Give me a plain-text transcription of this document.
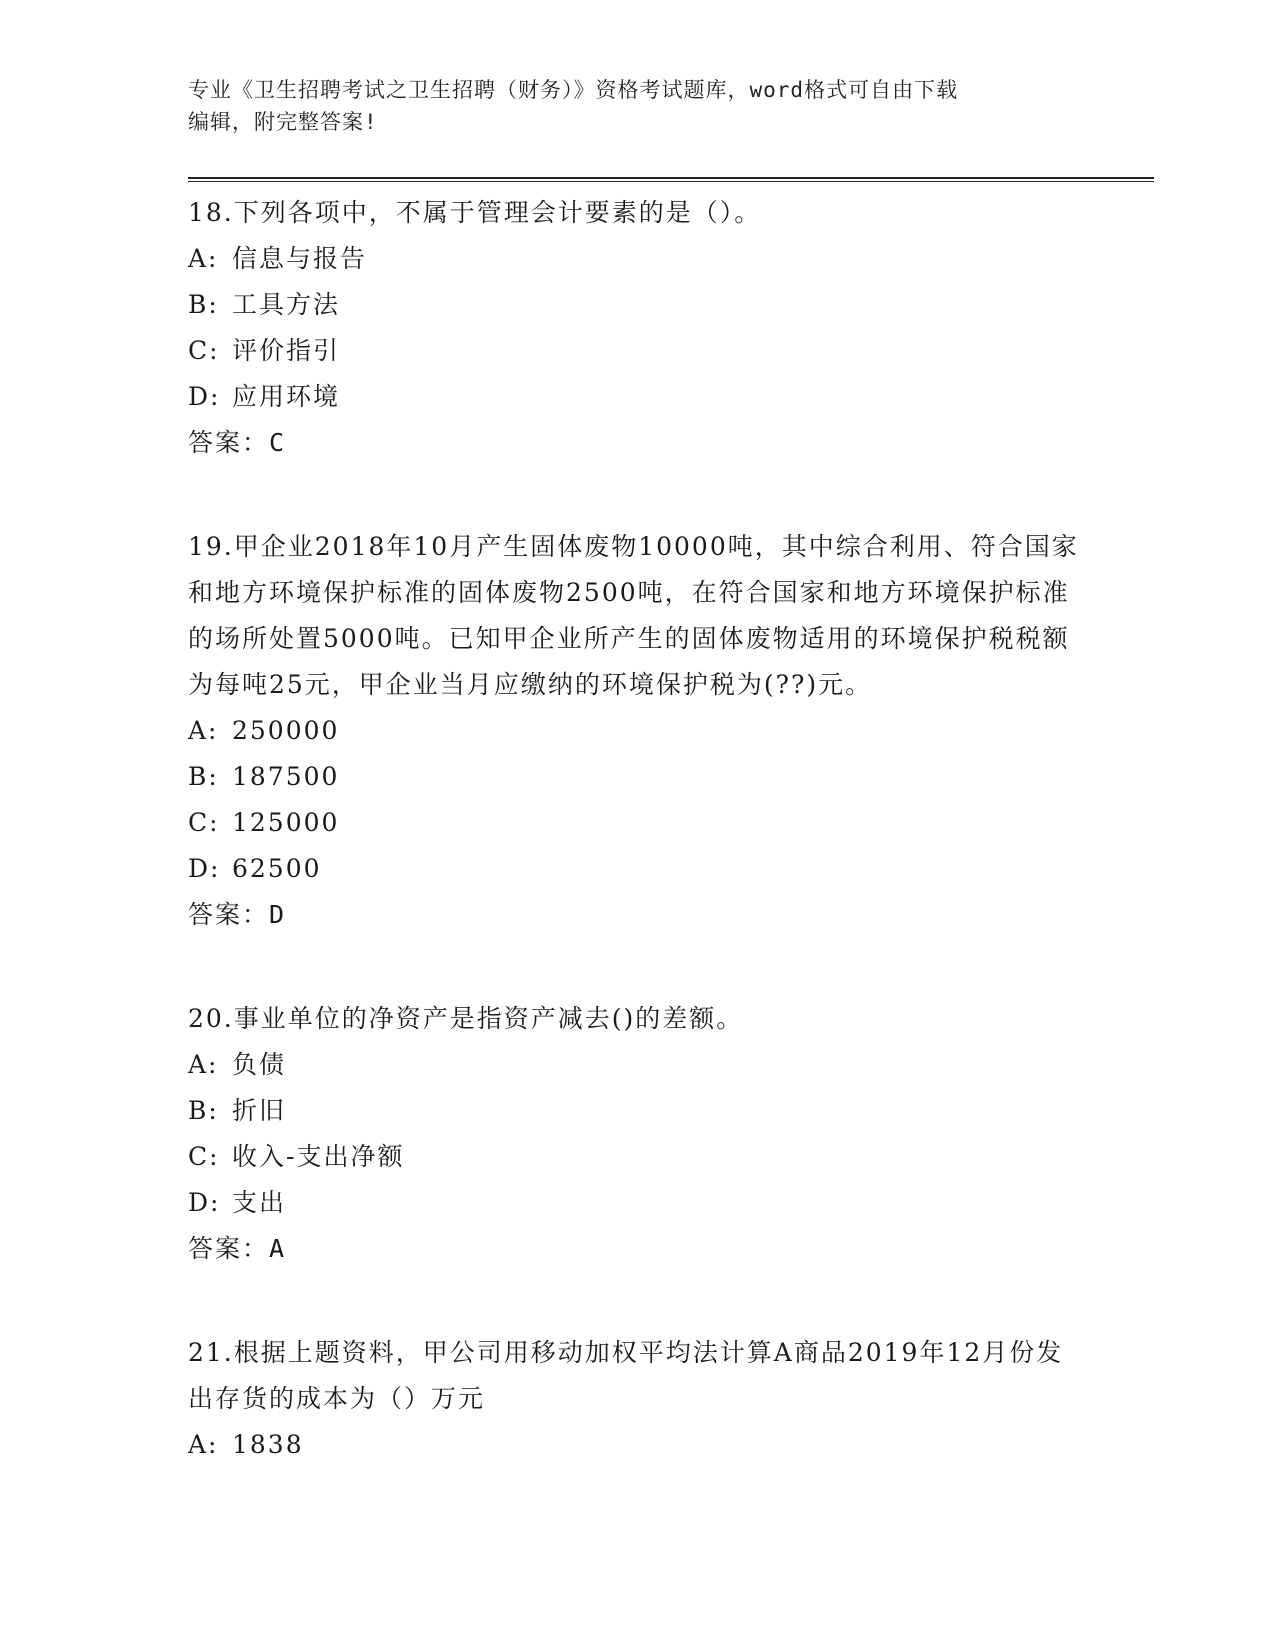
专业《卫生招聘考试之卫生招聘（财务）》资格考试题库，word格式可自由下载
编辑，附完整答案!

18.下列各项中，不属于管理会计要素的是（）。

A: 信息与报告

B: 工具方法

C: 评价指引

D: 应用环境

答案：C

19.甲企业2018年10月产生固体废物10000吨，其中综合利用、符合国家和地方环境保护标准的固体废物2500吨，在符合国家和地方环境保护标准的场所处置5000吨。已知甲企业所产生的固体废物适用的环境保护税税额为每吨25元，甲企业当月应缴纳的环境保护税为(??)元。

A: 250000

B: 187500

C: 125000

D: 62500

答案：D

20.事业单位的净资产是指资产减去()的差额。

A: 负债

B: 折旧

C: 收入-支出净额

D: 支出

答案：A

21.根据上题资料，甲公司用移动加权平均法计算A商品2019年12月份发出存货的成本为（）万元

A: 1838
